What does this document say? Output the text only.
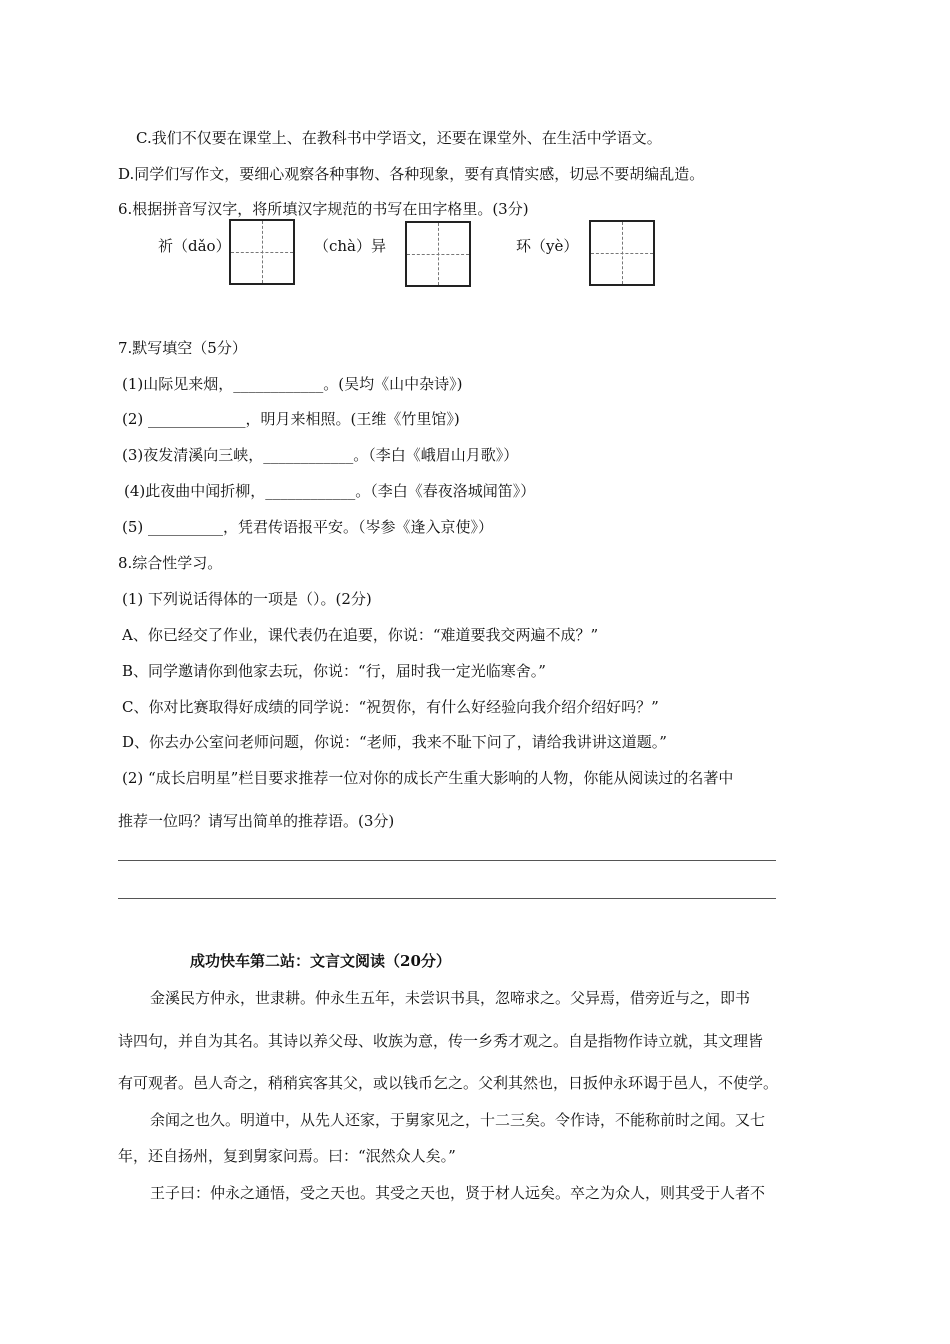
C.我们不仅要在课堂上、在教科书中学语文，还要在课堂外、在生活中学语文。
D.同学们写作文，要细心观察各种事物、各种现象，要有真情实感，切忌不要胡编乱造。
6.根据拼音写汉字，将所填汉字规范的书写在田字格里。(3分)
祈（dǎo）	（chà）异	环（yè）
7.默写填空（5分）
(1)山际见来烟，____________。(吴均《山中杂诗》)
(2) _____________，明月来相照。(王维《竹里馆》)
(3)夜发清溪向三峡，____________。（李白《峨眉山月歌》）
(4)此夜曲中闻折柳，____________。（李白《春夜洛城闻笛》）
(5) __________，凭君传语报平安。（岑参《逢入京使》）
8.综合性学习。
(1) 下列说话得体的一项是（）。(2分)
A、你已经交了作业，课代表仍在追要，你说：“难道要我交两遍不成？”
B、同学邀请你到他家去玩，你说：“行，届时我一定光临寒舍。”
C、你对比赛取得好成绩的同学说：“祝贺你，有什么好经验向我介绍介绍好吗？”
D、你去办公室问老师问题，你说：“老师，我来不耻下问了，请给我讲讲这道题。”
(2) “成长启明星”栏目要求推荐一位对你的成长产生重大影响的人物，你能从阅读过的名著中
推荐一位吗？请写出简单的推荐语。(3分)
成功快车第二站：文言文阅读（20分）
金溪民方仲永，世隶耕。仲永生五年，未尝识书具，忽啼求之。父异焉，借旁近与之，即书
诗四句，并自为其名。其诗以养父母、收族为意，传一乡秀才观之。自是指物作诗立就，其文理皆
有可观者。邑人奇之，稍稍宾客其父，或以钱币乞之。父利其然也，日扳仲永环谒于邑人，不使学。
余闻之也久。明道中，从先人还家，于舅家见之，十二三矣。令作诗，不能称前时之闻。又七
年，还自扬州，复到舅家问焉。曰：“泯然众人矣。”
王子曰：仲永之通悟，受之天也。其受之天也，贤于材人远矣。卒之为众人，则其受于人者不
